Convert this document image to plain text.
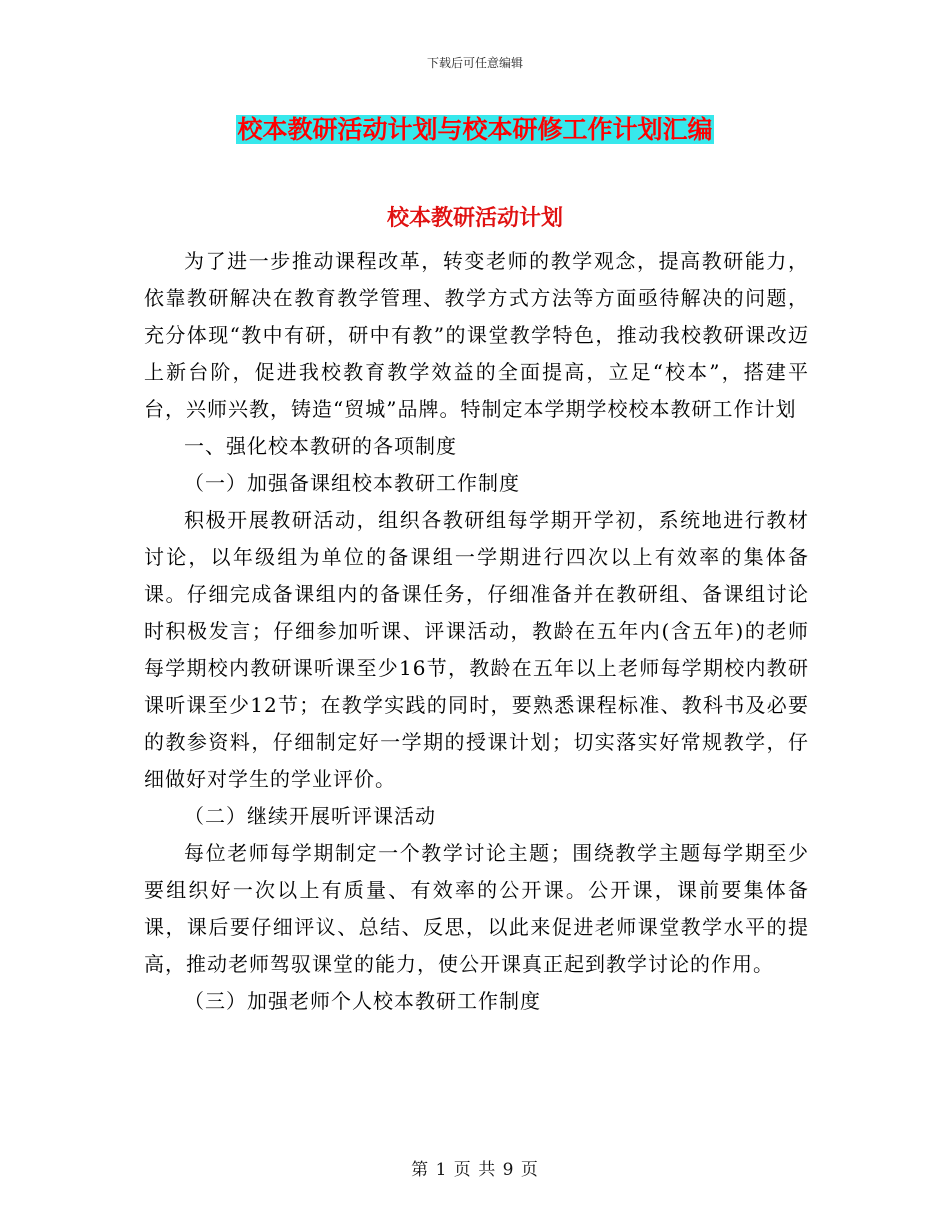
下载后可任意编辑
校本教研活动计划与校本研修工作计划汇编
校本教研活动计划

为了进一步推动课程改革，转变老师的教学观念，提高教研能力，依靠教研解决在教育教学管理、教学方式方法等方面亟待解决的问题，充分体现“教中有研，研中有教”的课堂教学特色，推动我校教研课改迈上新台阶，促进我校教育教学效益的全面提高，立足“校本”，搭建平台，兴师兴教，铸造“贸城”品牌。特制定本学期学校校本教研工作计划

一、强化校本教研的各项制度

（一）加强备课组校本教研工作制度

积极开展教研活动，组织各教研组每学期开学初，系统地进行教材讨论，以年级组为单位的备课组一学期进行四次以上有效率的集体备课。仔细完成备课组内的备课任务，仔细准备并在教研组、备课组讨论时积极发言；仔细参加听课、评课活动，教龄在五年内(含五年)的老师每学期校内教研课听课至少16节，教龄在五年以上老师每学期校内教研课听课至少12节；在教学实践的同时，要熟悉课程标准、教科书及必要的教参资料，仔细制定好一学期的授课计划；切实落实好常规教学，仔细做好对学生的学业评价。

（二）继续开展听评课活动

每位老师每学期制定一个教学讨论主题；围绕教学主题每学期至少要组织好一次以上有质量、有效率的公开课。公开课，课前要集体备课，课后要仔细评议、总结、反思，以此来促进老师课堂教学水平的提高，推动老师驾驭课堂的能力，使公开课真正起到教学讨论的作用。

（三）加强老师个人校本教研工作制度

第 1 页 共 9 页
